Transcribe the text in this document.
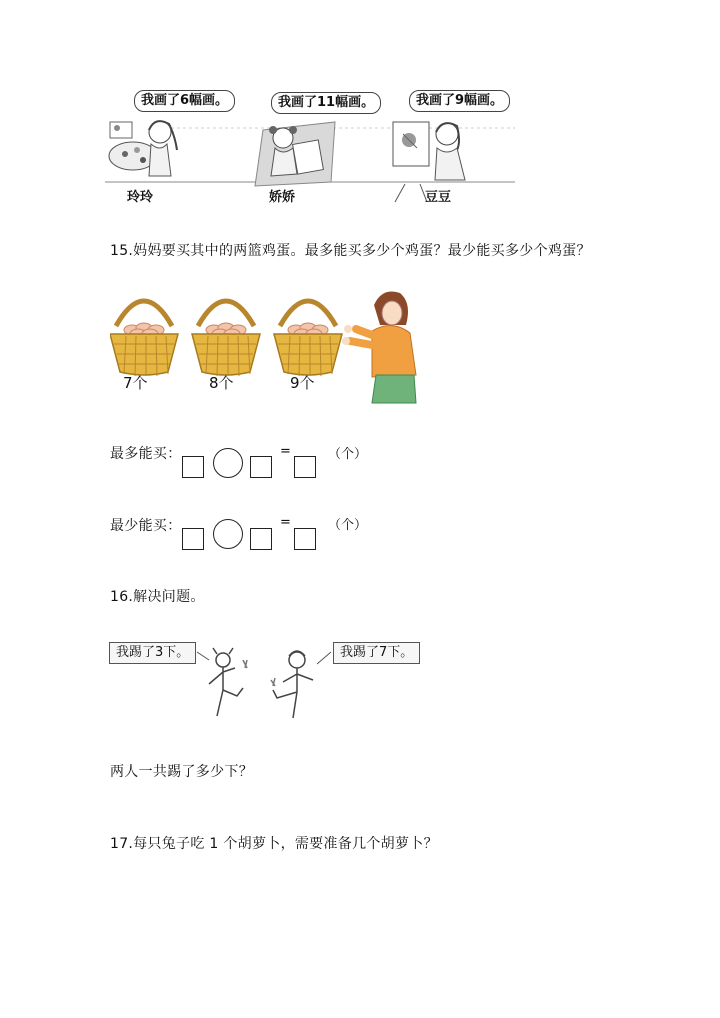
我画了6幅画。	我画了11幅画。	我画了9幅画。
玲玲	娇娇	豆豆
15.妈妈要买其中的两篮鸡蛋。最多能买多少个鸡蛋？最少能买多少个鸡蛋？
7个	8个	9个
最多能买：	=	（个）
最少能买：	=	（个）
16.解决问题。
我踢了3下。	我踢了7下。
两人一共踢了多少下？
17.每只兔子吃 1 个胡萝卜，需要准备几个胡萝卜？
